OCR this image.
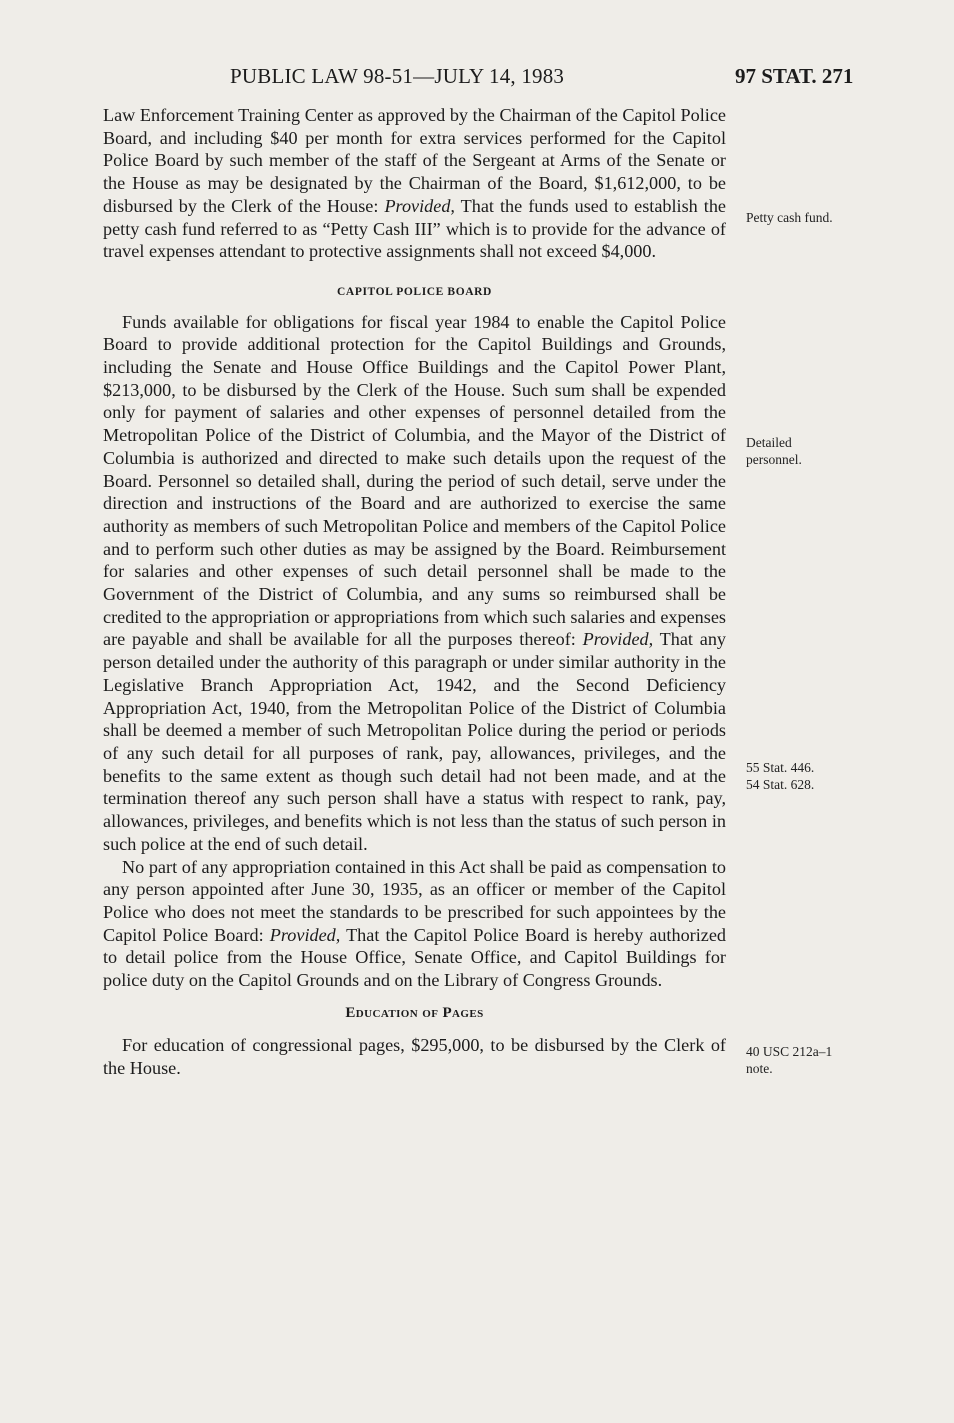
PUBLIC LAW 98-51—JULY 14, 1983	97 STAT. 271

Law Enforcement Training Center as approved by the Chairman of the Capitol Police Board, and including $40 per month for extra services performed for the Capitol Police Board by such member of the staff of the Sergeant at Arms of the Senate or the House as may be designated by the Chairman of the Board, $1,612,000, to be disbursed by the Clerk of the House: Provided, That the funds used to establish the petty cash fund referred to as “Petty Cash III” which is to provide for the advance of travel expenses attendant to protective assignments shall not exceed $4,000.

CAPITOL POLICE BOARD

Funds available for obligations for fiscal year 1984 to enable the Capitol Police Board to provide additional protection for the Capitol Buildings and Grounds, including the Senate and House Office Buildings and the Capitol Power Plant, $213,000, to be disbursed by the Clerk of the House. Such sum shall be expended only for payment of salaries and other expenses of personnel detailed from the Metropolitan Police of the District of Columbia, and the Mayor of the District of Columbia is authorized and directed to make such details upon the request of the Board. Personnel so detailed shall, during the period of such detail, serve under the direction and instructions of the Board and are authorized to exercise the same authority as members of such Metropolitan Police and members of the Capitol Police and to perform such other duties as may be assigned by the Board. Reimbursement for salaries and other expenses of such detail personnel shall be made to the Government of the District of Columbia, and any sums so reimbursed shall be credited to the appropriation or appropriations from which such salaries and expenses are payable and shall be available for all the purposes thereof: Provided, That any person detailed under the authority of this paragraph or under similar authority in the Legislative Branch Appropriation Act, 1942, and the Second Deficiency Appropriation Act, 1940, from the Metropolitan Police of the District of Columbia shall be deemed a member of such Metropolitan Police during the period or periods of any such detail for all purposes of rank, pay, allowances, privileges, and the benefits to the same extent as though such detail had not been made, and at the termination thereof any such person shall have a status with respect to rank, pay, allowances, privileges, and benefits which is not less than the status of such person in such police at the end of such detail.

No part of any appropriation contained in this Act shall be paid as compensation to any person appointed after June 30, 1935, as an officer or member of the Capitol Police who does not meet the standards to be prescribed for such appointees by the Capitol Police Board: Provided, That the Capitol Police Board is hereby authorized to detail police from the House Office, Senate Office, and Capitol Buildings for police duty on the Capitol Grounds and on the Library of Congress Grounds.

Education of Pages

For education of congressional pages, $295,000, to be disbursed by the Clerk of the House.

Petty cash fund.
Detailed
personnel.
55 Stat. 446.
54 Stat. 628.
40 USC 212a–1
note.
